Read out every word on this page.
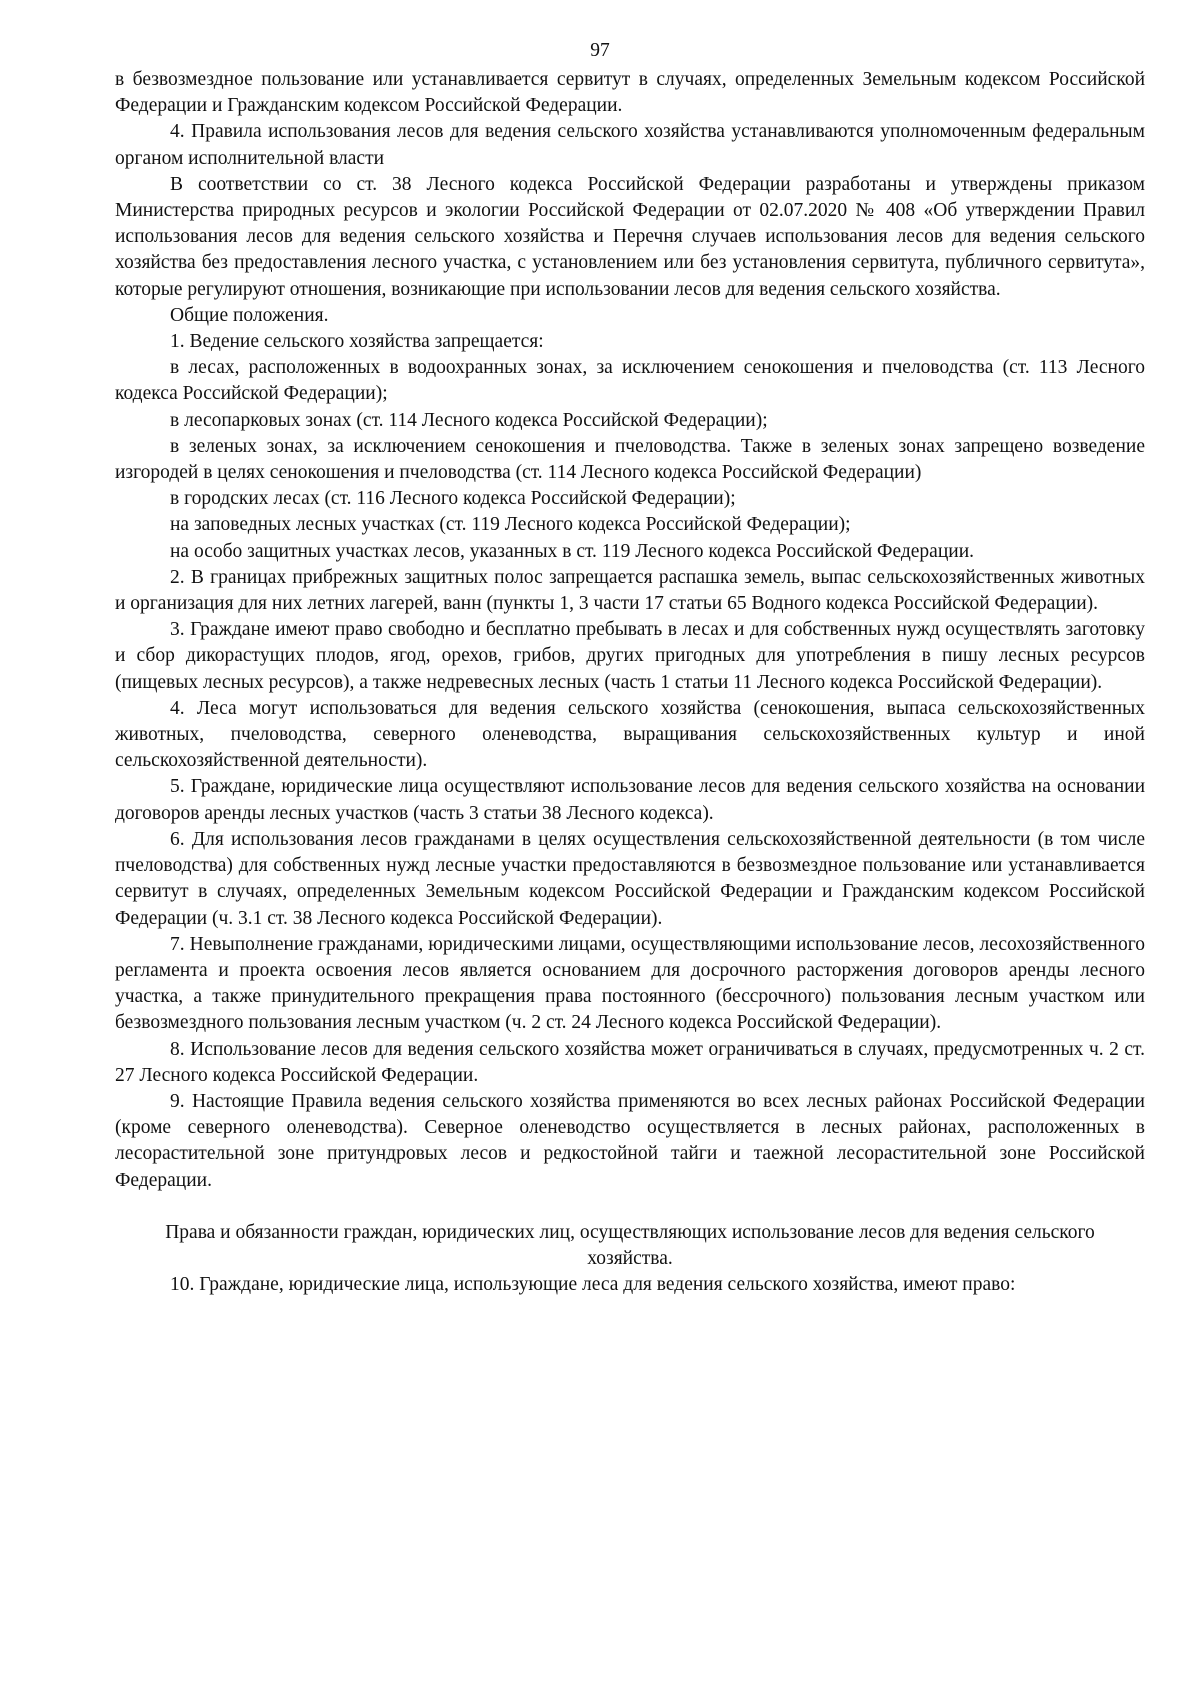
97

в безвозмездное пользование или устанавливается сервитут в случаях, определенных Земельным кодексом Российской Федерации и Гражданским кодексом Российской Федерации.

4. Правила использования лесов для ведения сельского хозяйства устанавливаются уполномоченным федеральным органом исполнительной власти

В соответствии со ст. 38 Лесного кодекса Российской Федерации разработаны и утверждены приказом Министерства природных ресурсов и экологии Российской Федерации от 02.07.2020 № 408 «Об утверждении Правил использования лесов для ведения сельского хозяйства и Перечня случаев использования лесов для ведения сельского хозяйства без предоставления лесного участка, с установлением или без установления сервитута, публичного сервитута», которые регулируют отношения, возникающие при использовании лесов для ведения сельского хозяйства.

Общие положения.

1. Ведение сельского хозяйства запрещается:

в лесах, расположенных в водоохранных зонах, за исключением сенокошения и пчеловодства (ст. 113 Лесного кодекса Российской Федерации);

в лесопарковых зонах (ст. 114 Лесного кодекса Российской Федерации);

в зеленых зонах, за исключением сенокошения и пчеловодства. Также в зеленых зонах запрещено возведение изгородей в целях сенокошения и пчеловодства (ст. 114 Лесного кодекса Российской Федерации)

в городских лесах (ст. 116 Лесного кодекса Российской Федерации);

на заповедных лесных участках (ст. 119 Лесного кодекса Российской Федерации);

на особо защитных участках лесов, указанных в ст. 119 Лесного кодекса Российской Федерации.

2. В границах прибрежных защитных полос запрещается распашка земель, выпас сельскохозяйственных животных и организация для них летних лагерей, ванн (пункты 1, 3 части 17 статьи 65 Водного кодекса Российской Федерации).

3. Граждане имеют право свободно и бесплатно пребывать в лесах и для собственных нужд осуществлять заготовку и сбор дикорастущих плодов, ягод, орехов, грибов, других пригодных для употребления в пишу лесных ресурсов (пищевых лесных ресурсов), а также недревесных лесных (часть 1 статьи 11 Лесного кодекса Российской Федерации).

4. Леса могут использоваться для ведения сельского хозяйства (сенокошения, выпаса сельскохозяйственных животных, пчеловодства, северного оленеводства, выращивания сельскохозяйственных культур и иной сельскохозяйственной деятельности).

5. Граждане, юридические лица осуществляют использование лесов для ведения сельского хозяйства на основании договоров аренды лесных участков (часть 3 статьи 38 Лесного кодекса).

6. Для использования лесов гражданами в целях осуществления сельскохозяйственной деятельности (в том числе пчеловодства) для собственных нужд лесные участки предоставляются в безвозмездное пользование или устанавливается сервитут в случаях, определенных Земельным кодексом Российской Федерации и Гражданским кодексом Российской Федерации (ч. 3.1 ст. 38 Лесного кодекса Российской Федерации).

7. Невыполнение гражданами, юридическими лицами, осуществляющими использование лесов, лесохозяйственного регламента и проекта освоения лесов является основанием для досрочного расторжения договоров аренды лесного участка, а также принудительного прекращения права постоянного (бессрочного) пользования лесным участком или безвозмездного пользования лесным участком (ч. 2 ст. 24 Лесного кодекса Российской Федерации).

8. Использование лесов для ведения сельского хозяйства может ограничиваться в случаях, предусмотренных ч. 2 ст. 27 Лесного кодекса Российской Федерации.

9. Настоящие Правила ведения сельского хозяйства применяются во всех лесных районах Российской Федерации (кроме северного оленеводства). Северное оленеводство осуществляется в лесных районах, расположенных в лесорастительной зоне притундровых лесов и редкостойной тайги и таежной лесорастительной зоне Российской Федерации.

Права и обязанности граждан, юридических лиц, осуществляющих использование лесов для ведения сельского хозяйства.

10. Граждане, юридические лица, использующие леса для ведения сельского хозяйства, имеют право:
